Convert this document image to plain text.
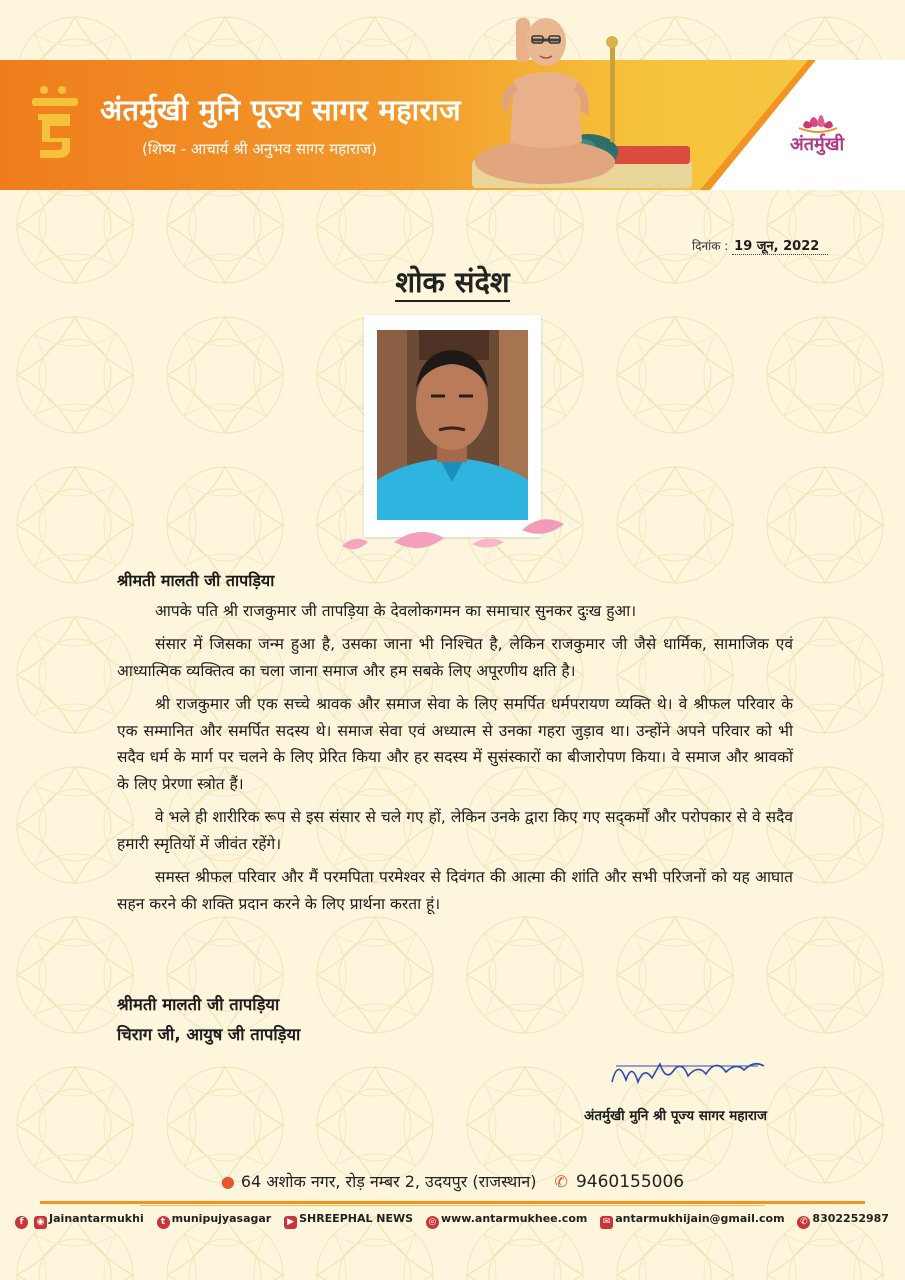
अंतर्मुखी मुनि पूज्य सागर महाराज
(शिष्य - आचार्य श्री अनुभव सागर महाराज)	अंतर्मुखी
दिनांक : 19 जून, 2022
शोक संदेश
श्रीमती मालती जी तापड़िया

आपके पति श्री राजकुमार जी तापड़िया के देवलोकगमन का समाचार सुनकर दुःख हुआ।

संसार में जिसका जन्म हुआ है, उसका जाना भी निश्चित है, लेकिन राजकुमार जी जैसे धार्मिक, सामाजिक एवं आध्यात्मिक व्यक्तित्व का चला जाना समाज और हम सबके लिए अपूरणीय क्षति है।

श्री राजकुमार जी एक सच्चे श्रावक और समाज सेवा के लिए समर्पित धर्मपरायण व्यक्ति थे। वे श्रीफल परिवार के एक सम्मानित और समर्पित सदस्य थे। समाज सेवा एवं अध्यात्म से उनका गहरा जुड़ाव था। उन्होंने अपने परिवार को भी सदैव धर्म के मार्ग पर चलने के लिए प्रेरित किया और हर सदस्य में सुसंस्कारों का बीजारोपण किया। वे समाज और श्रावकों के लिए प्रेरणा स्त्रोत हैं।

वे भले ही शारीरिक रूप से इस संसार से चले गए हों, लेकिन उनके द्वारा किए गए सद्कर्मों और परोपकार से वे सदैव हमारी स्मृतियों में जीवंत रहेंगे।

समस्त श्रीफल परिवार और मैं परमपिता परमेश्वर से दिवंगत की आत्मा की शांति और सभी परिजनों को यह आघात सहन करने की शक्ति प्रदान करने के लिए प्रार्थना करता हूं।

श्रीमती मालती जी तापड़िया
चिराग जी, आयुष जी तापड़िया
अंतर्मुखी मुनि श्री पूज्य सागर महाराज
● 64 अशोक नगर, रोड़ नम्बर 2, उदयपुर (राजस्थान) ✆ 9460155006
f ◉ Jainantarmukhi t munipujyasagar ▶ SHREEPHAL NEWS ◎ www.antarmukhee.com ✉ antarmukhijain@gmail.com ✆ 8302252987
